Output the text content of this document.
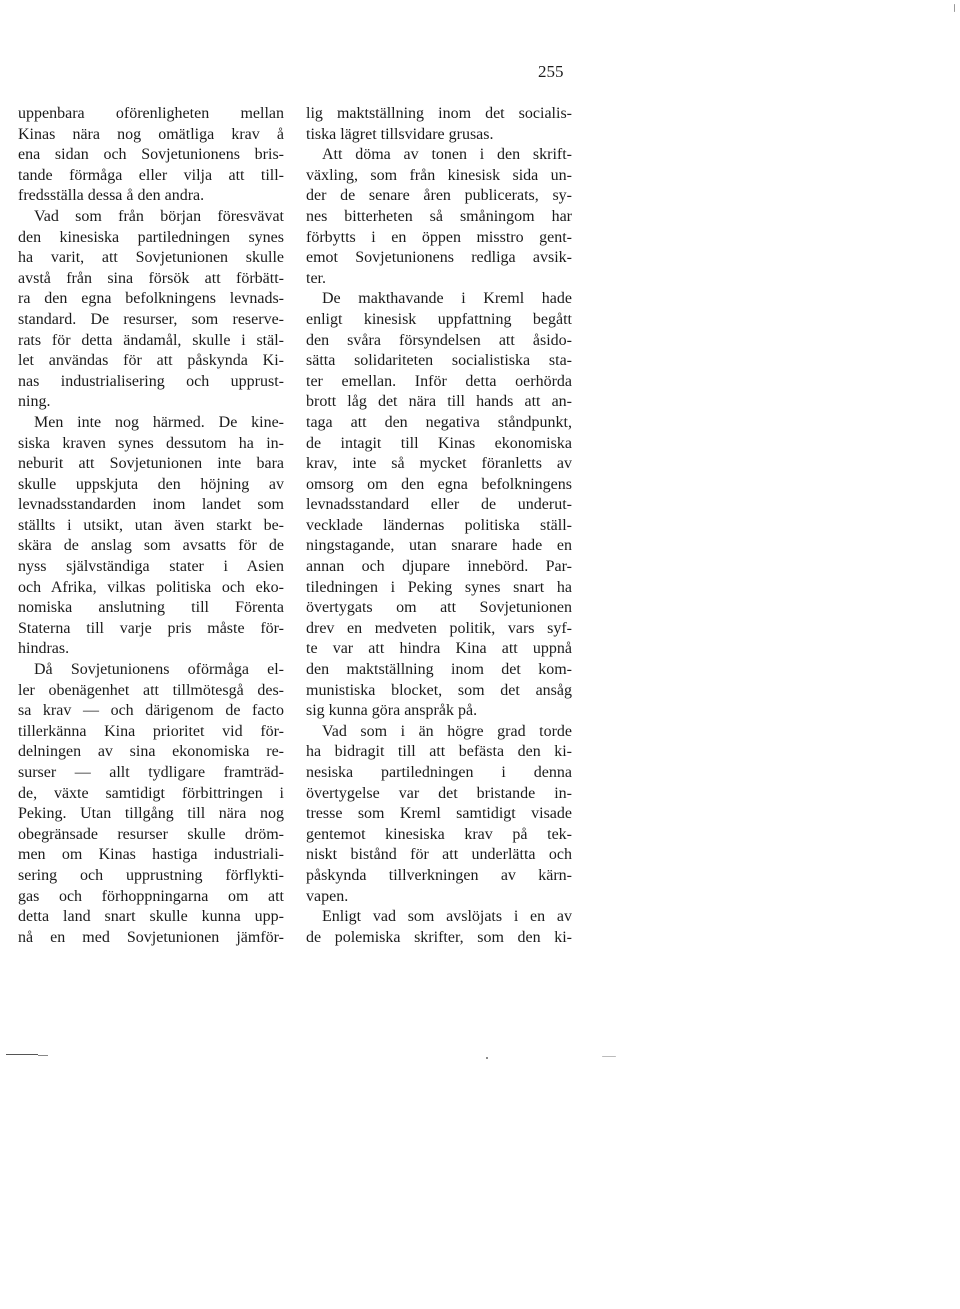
255
uppenbara oförenligheten mellan
Kinas nära nog omätliga krav å
ena sidan och Sovjetunionens bris-
tande förmåga eller vilja att till-
fredsställa dessa å den andra.
Vad som från början föresvävat
den kinesiska partiledningen synes
ha varit, att Sovjetunionen skulle
avstå från sina försök att förbätt-
ra den egna befolkningens levnads-
standard. De resurser, som reserve-
rats för detta ändamål, skulle i stäl-
let användas för att påskynda Ki-
nas industrialisering och upprust-
ning.
Men inte nog härmed. De kine-
siska kraven synes dessutom ha in-
neburit att Sovjetunionen inte bara
skulle uppskjuta den höjning av
levnadsstandarden inom landet som
ställts i utsikt, utan även starkt be-
skära de anslag som avsatts för de
nyss självständiga stater i Asien
och Afrika, vilkas politiska och eko-
nomiska anslutning till Förenta
Staterna till varje pris måste för-
hindras.
Då Sovjetunionens oförmåga el-
ler obenägenhet att tillmötesgå des-
sa krav — och därigenom de facto
tillerkänna Kina prioritet vid för-
delningen av sina ekonomiska re-
surser — allt tydligare framträd-
de, växte samtidigt förbittringen i
Peking. Utan tillgång till nära nog
obegränsade resurser skulle dröm-
men om Kinas hastiga industriali-
sering och upprustning förflykti-
gas och förhoppningarna om att
detta land snart skulle kunna upp-
nå en med Sovjetunionen jämför-
lig maktställning inom det socialis-
tiska lägret tillsvidare grusas.
Att döma av tonen i den skrift-
växling, som från kinesisk sida un-
der de senare åren publicerats, sy-
nes bitterheten så småningom har
förbytts i en öppen misstro gent-
emot Sovjetunionens redliga avsik-
ter.
De makthavande i Kreml hade
enligt kinesisk uppfattning begått
den svåra försyndelsen att åsido-
sätta solidariteten socialistiska sta-
ter emellan. Inför detta oerhörda
brott låg det nära till hands att an-
taga att den negativa ståndpunkt,
de intagit till Kinas ekonomiska
krav, inte så mycket föranletts av
omsorg om den egna befolkningens
levnadsstandard eller de underut-
vecklade ländernas politiska ställ-
ningstagande, utan snarare hade en
annan och djupare innebörd. Par-
tiledningen i Peking synes snart ha
övertygats om att Sovjetunionen
drev en medveten politik, vars syf-
te var att hindra Kina att uppnå
den maktställning inom det kom-
munistiska blocket, som det ansåg
sig kunna göra anspråk på.
Vad som i än högre grad torde
ha bidragit till att befästa den ki-
nesiska partiledningen i denna
övertygelse var det bristande in-
tresse som Kreml samtidigt visade
gentemot kinesiska krav på tek-
niskt bistånd för att underlätta och
påskynda tillverkningen av kärn-
vapen.
Enligt vad som avslöjats i en av
de polemiska skrifter, som den ki-
